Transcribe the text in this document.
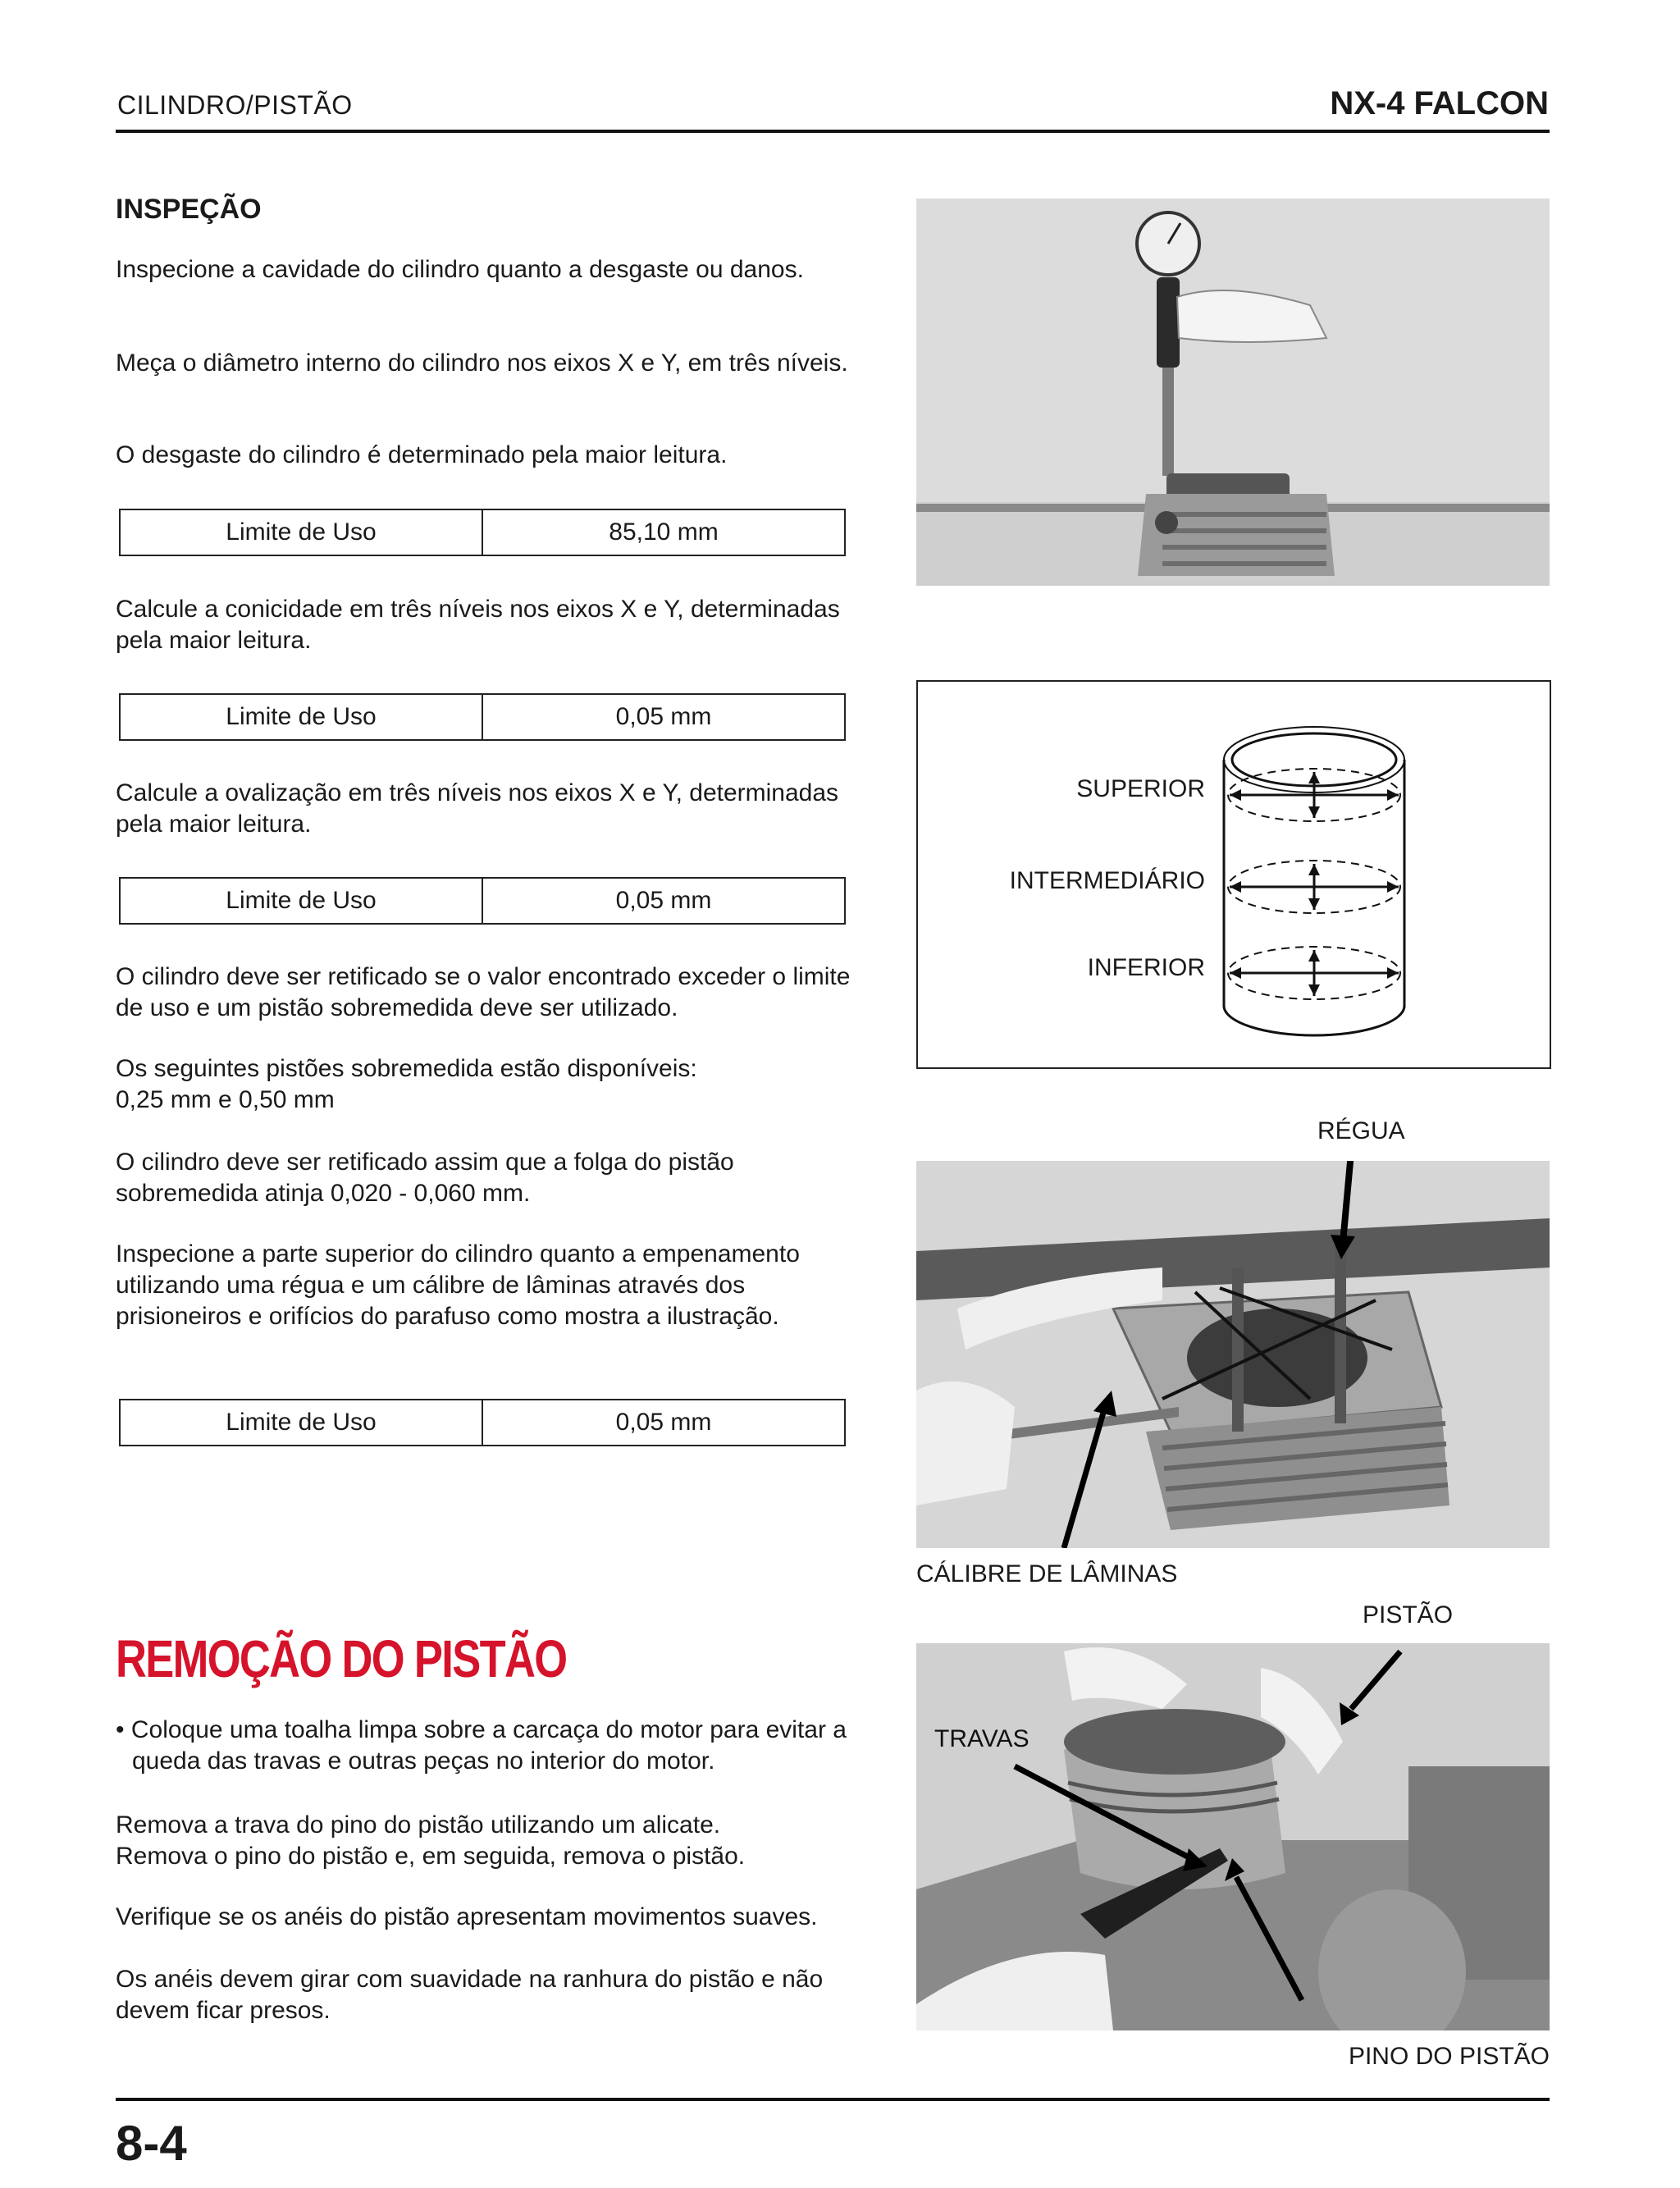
CILINDRO/PISTÃO	NX-4 FALCON
INSPEÇÃO

Inspecione a cavidade do cilindro quanto a desgaste ou danos.

Meça o diâmetro interno do cilindro nos eixos X e Y, em três níveis.

O desgaste do cilindro é determinado pela maior leitura.

Limite de Uso	85,10 mm

Calcule a conicidade em três níveis nos eixos X e Y, determinadas pela maior leitura.

Limite de Uso	0,05 mm

Calcule a ovalização em três níveis nos eixos X e Y, determinadas pela maior leitura.

Limite de Uso	0,05 mm

O cilindro deve ser retificado se o valor encontrado exceder o limite de uso e um pistão sobremedida deve ser utilizado.

Os seguintes pistões sobremedida estão disponíveis:

0,25 mm e 0,50 mm

O cilindro deve ser retificado assim que a folga do pistão sobremedida atinja 0,020 - 0,060 mm.

Inspecione a parte superior do cilindro quanto a empenamento utilizando uma régua e um cálibre de lâminas através dos prisioneiros e orifícios do parafuso como mostra a ilustração.

Limite de Uso	0,05 mm
REMOÇÃO DO PISTÃO

• Coloque uma toalha limpa sobre a carcaça do motor para evitar a queda das travas e outras peças no interior do motor.

Remova a trava do pino do pistão utilizando um alicate.

Remova o pino do pistão e, em seguida, remova o pistão.

Verifique se os anéis do pistão apresentam movimentos suaves.

Os anéis devem girar com suavidade na ranhura do pistão e não devem ficar presos.

SUPERIOR
INTERMEDIÁRIO
INFERIOR
RÉGUA
CÁLIBRE DE LÂMINAS
PISTÃO
TRAVAS
PINO DO PISTÃO
8-4
